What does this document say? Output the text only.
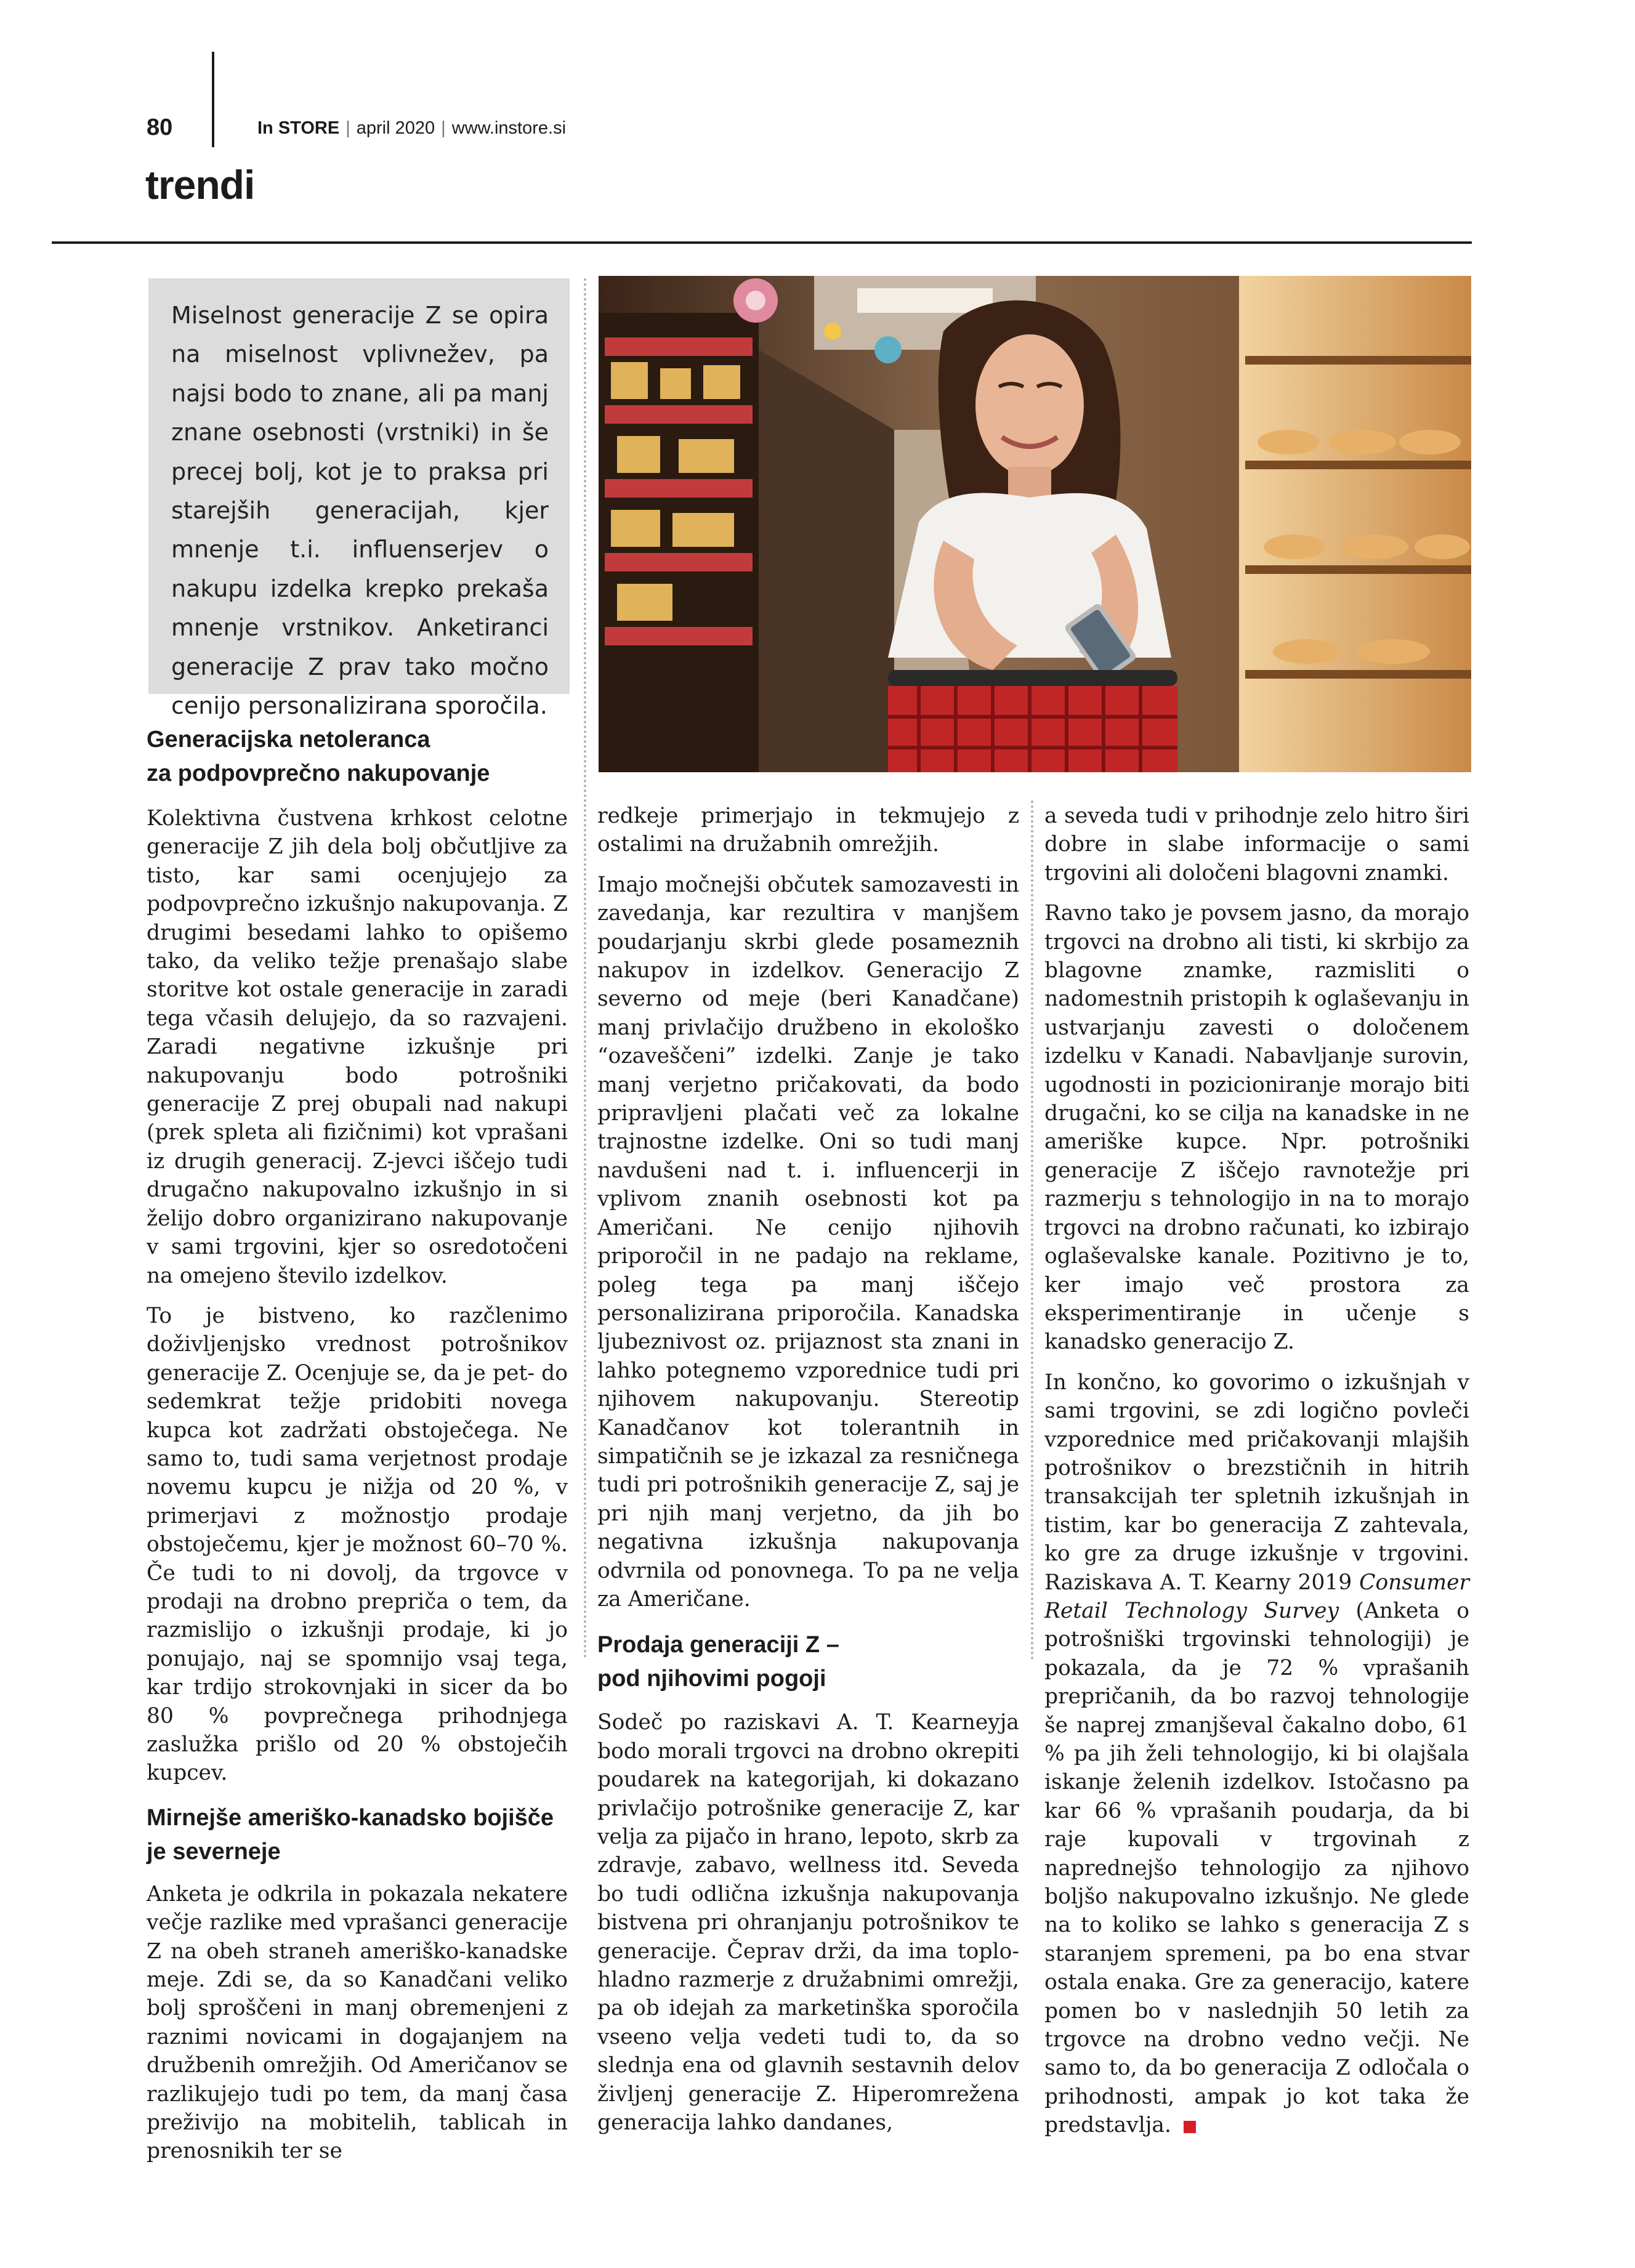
80	In STORE | april 2020 | www.instore.si
trendi

Miselnost generacije Z se opira na miselnost vplivnežev, pa najsi bodo to znane, ali pa manj znane osebnosti (vrstniki) in še precej bolj, kot je to praksa pri starejših generacijah, kjer mnenje t.i. influenserjev o nakupu izdelka krepko prekaša mnenje vrstnikov. Anketiranci generacije Z prav tako močno cenijo personalizirana sporočila.

Generacijska netoleranca
za podpovprečno nakupovanje

Kolektivna čustvena krhkost celotne generacije Z jih dela bolj občutljive za tisto, kar sami ocenjujejo za podpovprečno izkušnjo nakupovanja. Z drugimi besedami lahko to opišemo tako, da veliko težje prenašajo slabe storitve kot ostale generacije in zaradi tega včasih delujejo, da so razvajeni. Zaradi negativne izkušnje pri nakupovanju bodo potrošniki generacije Z prej obupali nad nakupi (prek spleta ali fizičnimi) kot vprašani iz drugih generacij. Z-jevci iščejo tudi drugačno nakupovalno izkušnjo in si želijo dobro organizirano nakupovanje v sami trgovini, kjer so osredotočeni na omejeno število izdelkov.

To je bistveno, ko razčlenimo doživljenjsko vrednost potrošnikov generacije Z. Ocenjuje se, da je pet- do sedemkrat težje pridobiti novega kupca kot zadržati obstoječega. Ne samo to, tudi sama verjetnost prodaje novemu kupcu je nižja od 20 %, v primerjavi z možnostjo prodaje obstoječemu, kjer je možnost 60–70 %. Če tudi to ni dovolj, da trgovce v prodaji na drobno prepriča o tem, da razmislijo o izkušnji prodaje, ki jo ponujajo, naj se spomnijo vsaj tega, kar trdijo strokovnjaki in sicer da bo 80 % povprečnega prihodnjega zaslužka prišlo od 20 % obstoječih kupcev.

Mirnejše ameriško-kanadsko bojišče
je severneje

Anketa je odkrila in pokazala nekatere večje razlike med vprašanci generacije Z na obeh straneh ameriško-kanadske meje. Zdi se, da so Kanadčani veliko bolj sproščeni in manj obremenjeni z raznimi novicami in dogajanjem na družbenih omrežjih. Od Američanov se razlikujejo tudi po tem, da manj časa preživijo na mobitelih, tablicah in prenosnikih ter se

redkeje primerjajo in tekmujejo z ostalimi na družabnih omrežjih.

Imajo močnejši občutek samozavesti in zavedanja, kar rezultira v manjšem poudarjanju skrbi glede posameznih nakupov in izdelkov. Generacijo Z severno od meje (beri Kanadčane) manj privlačijo družbeno in ekološko “ozaveščeni” izdelki. Zanje je tako manj verjetno pričakovati, da bodo pripravljeni plačati več za lokalne trajnostne izdelke. Oni so tudi manj navdušeni nad t. i. influencerji in vplivom znanih osebnosti kot pa Američani. Ne cenijo njihovih priporočil in ne padajo na reklame, poleg tega pa manj iščejo personalizirana priporočila. Kanadska ljubeznivost oz. prijaznost sta znani in lahko potegnemo vzporednice tudi pri njihovem nakupovanju. Stereotip Kanadčanov kot tolerantnih in simpatičnih se je izkazal za resničnega tudi pri potrošnikih generacije Z, saj je pri njih manj verjetno, da jih bo negativna izkušnja nakupovanja odvrnila od ponovnega. To pa ne velja za Američane.

Prodaja generaciji Z –
pod njihovimi pogoji

Sodeč po raziskavi A. T. Kearneyja bodo morali trgovci na drobno okrepiti poudarek na kategorijah, ki dokazano privlačijo potrošnike generacije Z, kar velja za pijačo in hrano, lepoto, skrb za zdravje, zabavo, wellness itd. Seveda bo tudi odlična izkušnja nakupovanja bistvena pri ohranjanju potrošnikov te generacije. Čeprav drži, da ima toplo-hladno razmerje z družabnimi omrežji, pa ob idejah za marketinška sporočila vseeno velja vedeti tudi to, da so slednja ena od glavnih sestavnih delov življenj generacije Z. Hiperomrežena generacija lahko dandanes,

a seveda tudi v prihodnje zelo hitro širi dobre in slabe informacije o sami trgovini ali določeni blagovni znamki.

Ravno tako je povsem jasno, da morajo trgovci na drobno ali tisti, ki skrbijo za blagovne znamke, razmisliti o nadomestnih pristopih k oglaševanju in ustvarjanju zavesti o določenem izdelku v Kanadi. Nabavljanje surovin, ugodnosti in pozicioniranje morajo biti drugačni, ko se cilja na kanadske in ne ameriške kupce. Npr. potrošniki generacije Z iščejo ravnotežje pri razmerju s tehnologijo in na to morajo trgovci na drobno računati, ko izbirajo oglaševalske kanale. Pozitivno je to, ker imajo več prostora za eksperimentiranje in učenje s kanadsko generacijo Z.

In končno, ko govorimo o izkušnjah v sami trgovini, se zdi logično povleči vzporednice med pričakovanji mlajših potrošnikov o brezstičnih in hitrih transakcijah ter spletnih izkušnjah in tistim, kar bo generacija Z zahtevala, ko gre za druge izkušnje v trgovini. Raziskava A. T. Kearny 2019 Consumer Retail Technology Survey (Anketa o potrošniški trgovinski tehnologiji) je pokazala, da je 72 % vprašanih prepričanih, da bo razvoj tehnologije še naprej zmanjševal čakalno dobo, 61 % pa jih želi tehnologijo, ki bi olajšala iskanje želenih izdelkov. Istočasno pa kar 66 % vprašanih poudarja, da bi raje kupovali v trgovinah z naprednejšo tehnologijo za njihovo boljšo nakupovalno izkušnjo. Ne glede na to koliko se lahko s generacija Z s staranjem spremeni, pa bo ena stvar ostala enaka. Gre za generacijo, katere pomen bo v naslednjih 50 letih za trgovce na drobno vedno večji. Ne samo to, da bo generacija Z odločala o prihodnosti, ampak jo kot taka že predstavlja.
